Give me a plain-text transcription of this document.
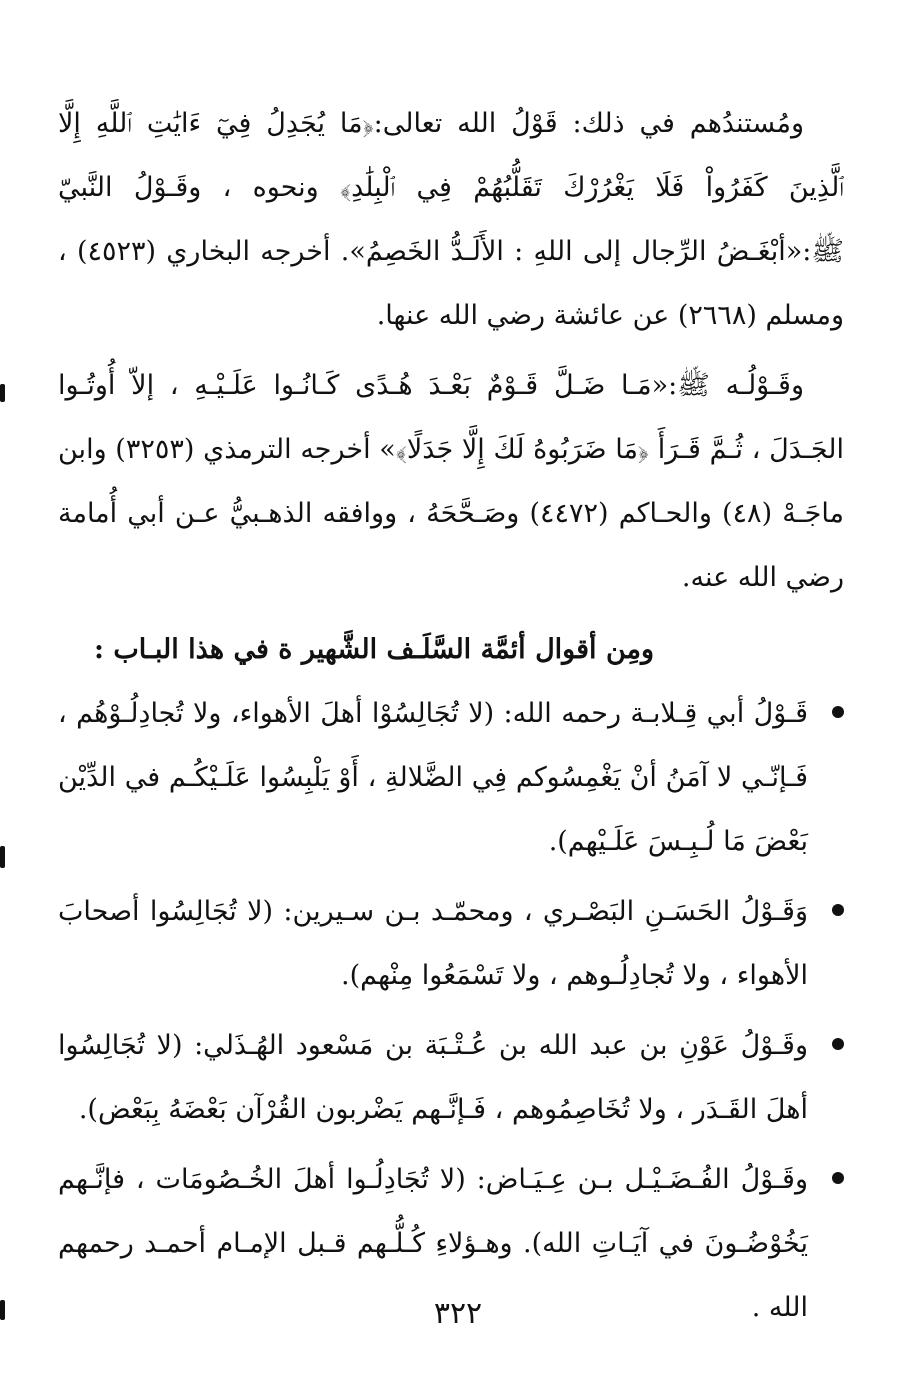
ومُستندُهم في ذلك: قَوْلُ الله تعالى:﴿مَا يُجَدِلُ فِيٓ ءَايَٰتِ ٱللَّهِ إِلَّا ٱلَّذِينَ كَفَرُواْ فَلَا يَغْرُرْكَ تَقَلُّبُهُمْ فِي ٱلْبِلَٰدِ﴾ ونحوه ، وقَـوْلُ النَّبيّ ﷺ:«أبْغَـضُ الرِّجال إلى اللهِ : الأَلَـدُّ الخَصِمُ». أخرجه البخاري (٤٥٢٣) ، ومسلم (٢٦٦٨) عن عائشة رضي الله عنها.

وقَـوْلُـه ﷺ:«مَـا ضَـلَّ قَـوْمٌ بَعْـدَ هُـدًى كَـانُـوا عَلَـيْـهِ ، إلاّ أُوتُـوا الجَـدَلَ ، ثُـمَّ قَـرَأَ ﴿مَا ضَرَبُوهُ لَكَ إِلَّا جَدَلًا﴾» أخرجه الترمذي (٣٢٥٣) وابن ماجَـهْ (٤٨) والحـاكم (٤٤٧٢) وصَـحَّحَهُ ، ووافقه الذهـبيُّ عـن أبي أُمامة رضي الله عنه.

ومِن أقوال أئمَّة السَّلَـف الشَّهير ة في هذا البـاب :

قَـوْلُ أبي قِـلابـة رحمه الله: (لا تُجَالِسُوْا أهلَ الأهواء، ولا تُجادِلُـوْهُم ، فَـإنّـي لا آمَنُ أنْ يَغْمِسُوكم فِي الضَّلالةِ ، أَوْ يَلْبِسُوا عَلَـيْكُـم في الدِّيْن بَعْضَ مَا لُـبِـسَ عَلَـيْهم).
وَقَـوْلُ الحَسَـنِ البَصْـري ، ومحمّـد بـن سـيرين: (لا تُجَالِسُوا أصحابَ الأهواء ، ولا تُجادِلُـوهم ، ولا تَسْمَعُوا مِنْهم).
وقَـوْلُ عَوْنِ بن عبد الله بن عُـتْـبَة بن مَسْعود الهُـذَلي: (لا تُجَالِسُوا أهلَ القَـدَر ، ولا تُخَاصِمُوهم ، فَـإنَّـهم يَضْربون القُرْآن بَعْضَهُ بِبَعْض).
وقَـوْلُ الفُـضَـيْـل بـن عِـيَـاض: (لا تُجَادِلُـوا أهلَ الخُـصُومَات ، فإنَّـهم يَخُوْضُـونَ في آيَـاتِ الله). وهـؤلاءِ كُـلُّـهم قـبل الإمـام أحمـد رحمهم الله .
٣٢٢
